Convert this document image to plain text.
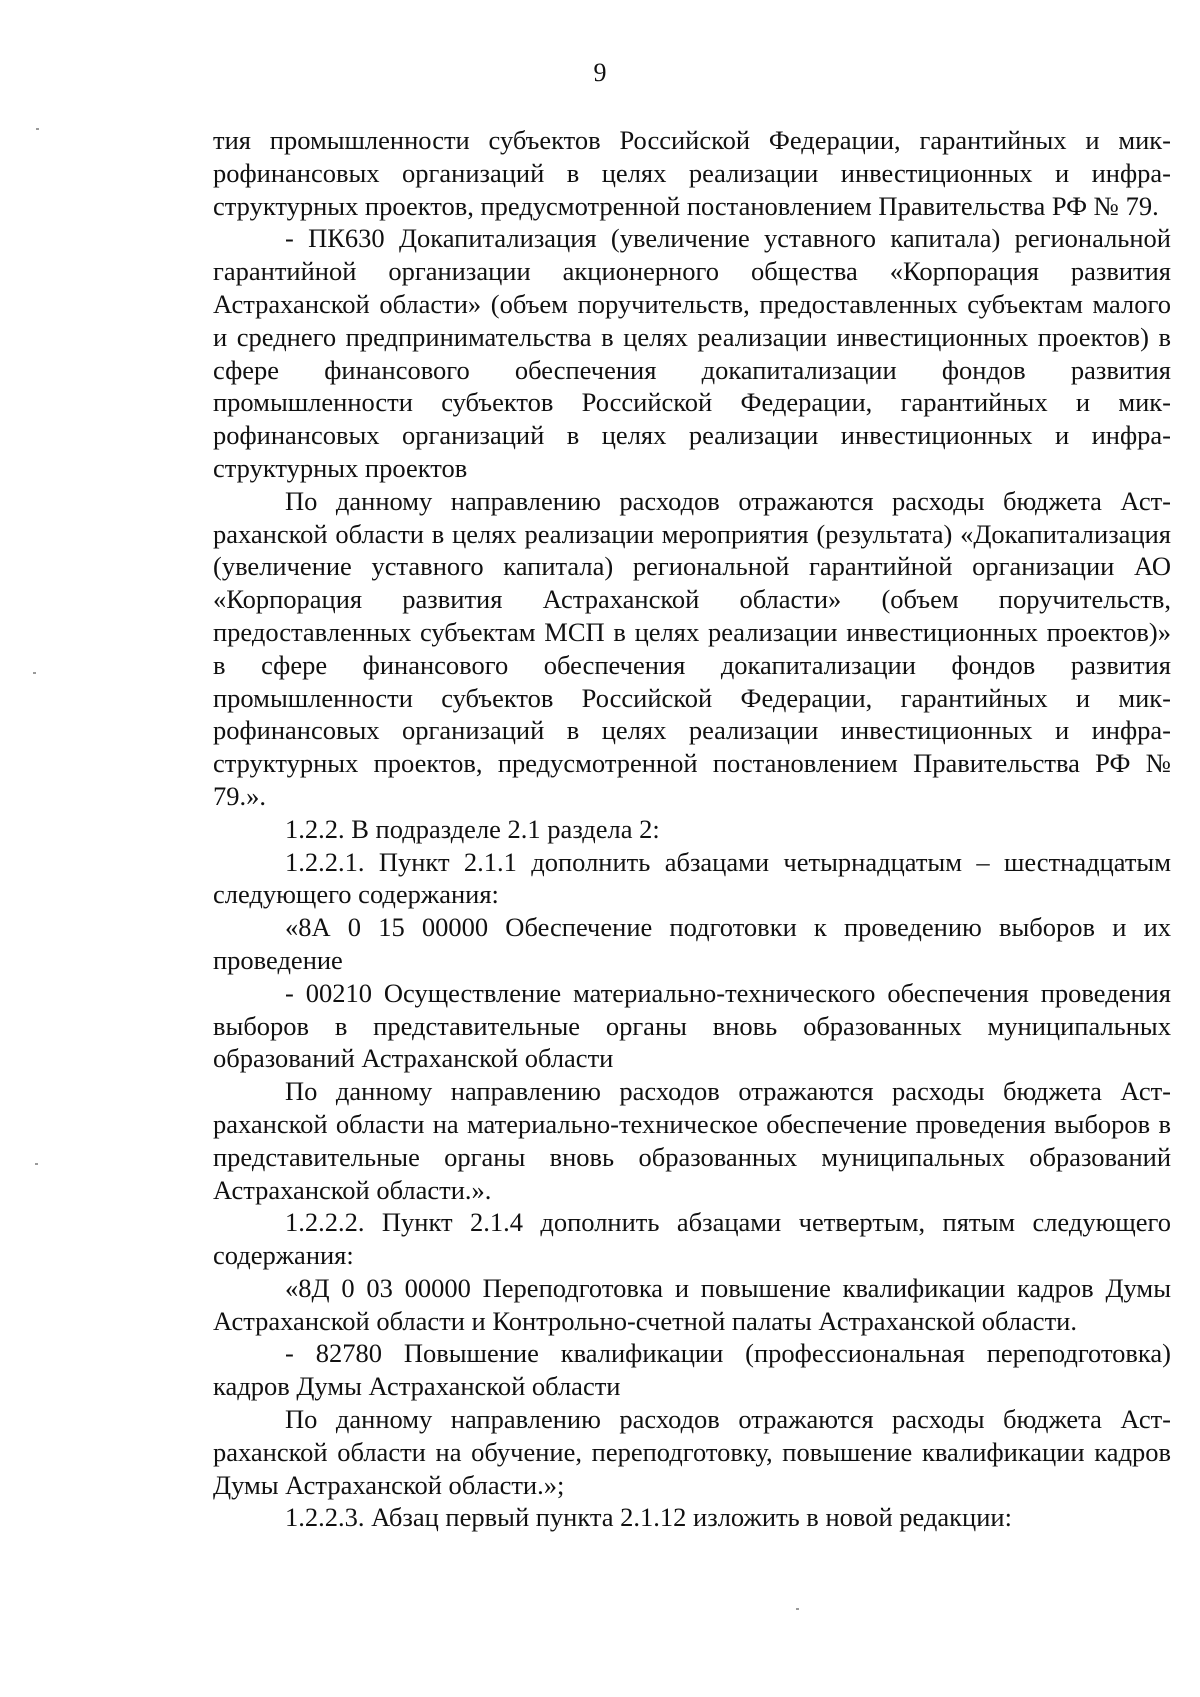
9

тия промышленности субъектов Российской Федерации, гарантийных и микрофинансовых организаций в целях реализации инвестиционных и инфраструктурных проектов, предусмотренной постановлением Правительства РФ № 79.

- ПК630 Докапитализация (увеличение уставного капитала) региональной гарантийной организации акционерного общества «Корпорация развития Астраханской области» (объем поручительств, предоставленных субъектам малого и среднего предпринимательства в целях реализации инвестиционных проектов) в сфере финансового обеспечения докапитализации фондов развития промышленности субъектов Российской Федерации, гарантийных и микрофинансовых организаций в целях реализации инвестиционных и инфраструктурных проектов

По данному направлению расходов отражаются расходы бюджета Астраханской области в целях реализации мероприятия (результата) «Докапитализация (увеличение уставного капитала) региональной гарантийной организации АО «Корпорация развития Астраханской области» (объем поручительств, предоставленных субъектам МСП в целях реализации инвестиционных проектов)» в сфере финансового обеспечения докапитализации фондов развития промышленности субъектов Российской Федерации, гарантийных и микрофинансовых организаций в целях реализации инвестиционных и инфраструктурных проектов, предусмотренной постановлением Правительства РФ № 79.».

1.2.2. В подразделе 2.1 раздела 2:

1.2.2.1. Пункт 2.1.1 дополнить абзацами четырнадцатым – шестнадцатым следующего содержания:

«8А 0 15 00000 Обеспечение подготовки к проведению выборов и их проведение

- 00210 Осуществление материально-технического обеспечения проведения выборов в представительные органы вновь образованных муниципальных образований Астраханской области

По данному направлению расходов отражаются расходы бюджета Астраханской области на материально-техническое обеспечение проведения выборов в представительные органы вновь образованных муниципальных образований Астраханской области.».

1.2.2.2. Пункт 2.1.4 дополнить абзацами четвертым, пятым следующего содержания:

«8Д 0 03 00000 Переподготовка и повышение квалификации кадров Думы Астраханской области и Контрольно-счетной палаты Астраханской области.

- 82780 Повышение квалификации (профессиональная переподготовка) кадров Думы Астраханской области

По данному направлению расходов отражаются расходы бюджета Астраханской области на обучение, переподготовку, повышение квалификации кадров Думы Астраханской области.»;

1.2.2.3. Абзац первый пункта 2.1.12 изложить в новой редакции:
